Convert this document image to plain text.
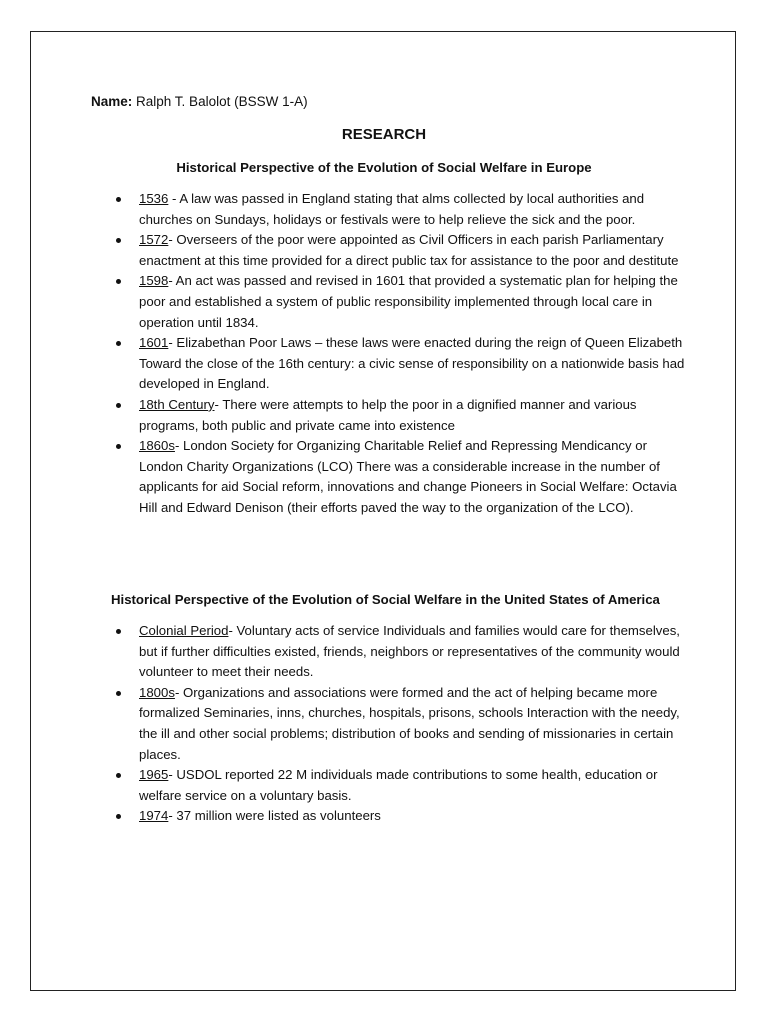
Name: Ralph T. Balolot (BSSW 1-A)
RESEARCH
Historical Perspective of the Evolution of Social Welfare in Europe
1536 - A law was passed in England stating that alms collected by local authorities and churches on Sundays, holidays or festivals were to help relieve the sick and the poor.
1572- Overseers of the poor were appointed as Civil Officers in each parish Parliamentary enactment at this time provided for a direct public tax for assistance to the poor and destitute
1598- An act was passed and revised in 1601 that provided a systematic plan for helping the poor and established a system of public responsibility implemented through local care in operation until 1834.
1601- Elizabethan Poor Laws – these laws were enacted during the reign of Queen Elizabeth Toward the close of the 16th century: a civic sense of responsibility on a nationwide basis had developed in England.
18th Century- There were attempts to help the poor in a dignified manner and various programs, both public and private came into existence
1860s- London Society for Organizing Charitable Relief and Repressing Mendicancy or London Charity Organizations (LCO) There was a considerable increase in the number of applicants for aid Social reform, innovations and change Pioneers in Social Welfare: Octavia Hill and Edward Denison (their efforts paved the way to the organization of the LCO).
Historical Perspective of the Evolution of Social Welfare in the United States of America
Colonial Period- Voluntary acts of service Individuals and families would care for themselves, but if further difficulties existed, friends, neighbors or representatives of the community would volunteer to meet their needs.
1800s- Organizations and associations were formed and the act of helping became more formalized Seminaries, inns, churches, hospitals, prisons, schools Interaction with the needy, the ill and other social problems; distribution of books and sending of missionaries in certain places.
1965- USDOL reported 22 M individuals made contributions to some health, education or welfare service on a voluntary basis.
1974- 37 million were listed as volunteers
